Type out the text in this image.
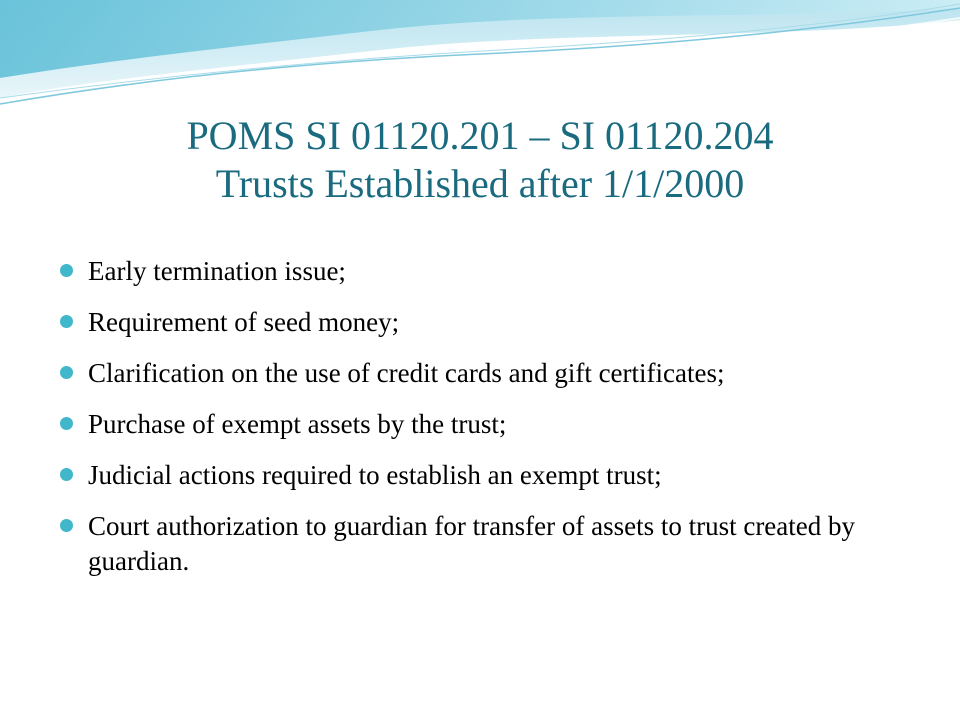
POMS SI 01120.201 – SI 01120.204
Trusts Established after 1/1/2000
Early termination issue;
Requirement of seed money;
Clarification on the use of credit cards and gift certificates;
Purchase of exempt assets by the trust;
Judicial actions required to establish an exempt trust;
Court authorization to guardian for transfer of assets to trust created by guardian.
